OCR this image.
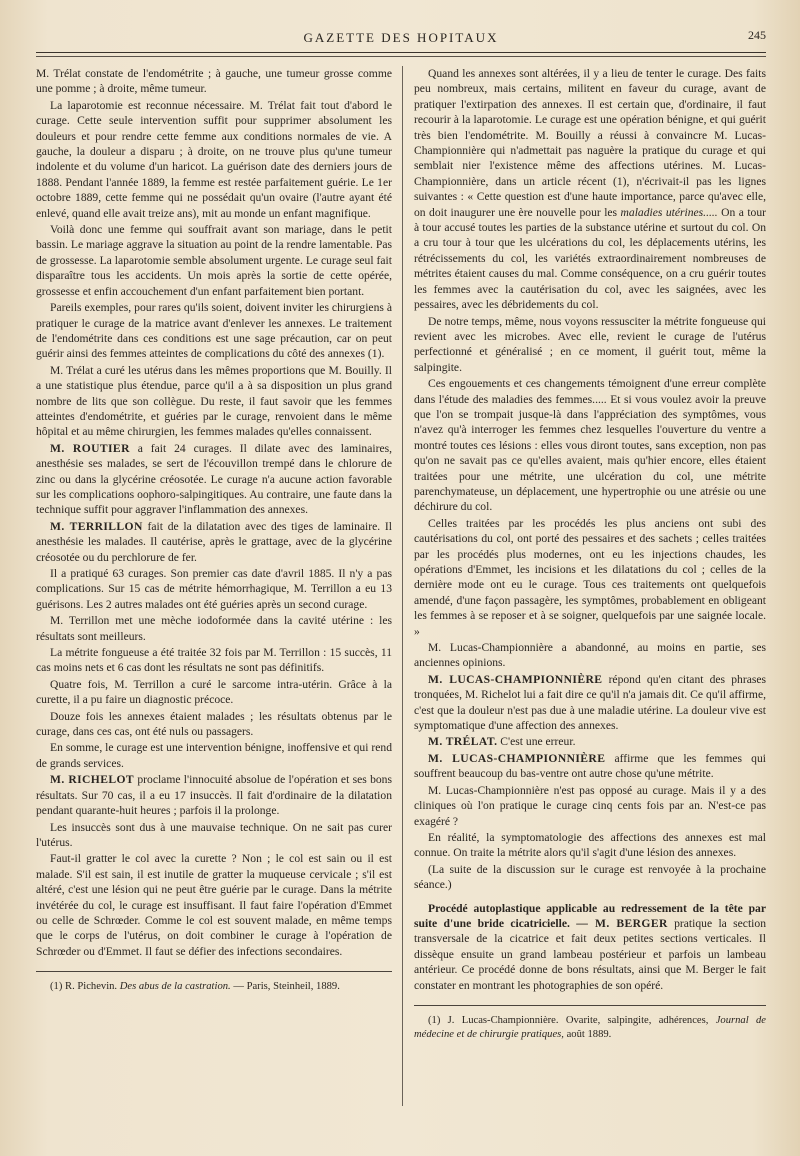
GAZETTE DES HOPITAUX	245

M. Trélat constate de l'endométrite ; à gauche, une tumeur grosse comme une pomme ; à droite, même tumeur.

La laparotomie est reconnue nécessaire. M. Trélat fait tout d'abord le curage. Cette seule intervention suffit pour supprimer absolument les douleurs et pour rendre cette femme aux conditions normales de vie. A gauche, la douleur a disparu ; à droite, on ne trouve plus qu'une tumeur indolente et du volume d'un haricot. La guérison date des derniers jours de 1888. Pendant l'année 1889, la femme est restée parfaitement guérie. Le 1er octobre 1889, cette femme qui ne possédait qu'un ovaire (l'autre ayant été enlevé, quand elle avait treize ans), mit au monde un enfant magnifique.

Voilà donc une femme qui souffrait avant son mariage, dans le petit bassin. Le mariage aggrave la situation au point de la rendre lamentable. Pas de grossesse. La laparotomie semble absolument urgente. Le curage seul fait disparaître tous les accidents. Un mois après la sortie de cette opérée, grossesse et enfin accouchement d'un enfant parfaitement bien portant.

Pareils exemples, pour rares qu'ils soient, doivent inviter les chirurgiens à pratiquer le curage de la matrice avant d'enlever les annexes. Le traitement de l'endométrite dans ces conditions est une sage précaution, car on peut guérir ainsi des femmes atteintes de complications du côté des annexes (1).

M. Trélat a curé les utérus dans les mêmes proportions que M. Bouilly. Il a une statistique plus étendue, parce qu'il a à sa disposition un plus grand nombre de lits que son collègue. Du reste, il faut savoir que les femmes atteintes d'endométrite, et guéries par le curage, renvoient dans le même hôpital et au même chirurgien, les femmes malades qu'elles connaissent.

M. ROUTIER a fait 24 curages. Il dilate avec des laminaires, anesthésie ses malades, se sert de l'écouvillon trempé dans le chlorure de zinc ou dans la glycérine créosotée. Le curage n'a aucune action favorable sur les complications oophoro-salpingitiques. Au contraire, une faute dans la technique suffit pour aggraver l'inflammation des annexes.

M. TERRILLON fait de la dilatation avec des tiges de laminaire. Il anesthésie les malades. Il cautérise, après le grattage, avec de la glycérine créosotée ou du perchlorure de fer.

Il a pratiqué 63 curages. Son premier cas date d'avril 1885. Il n'y a pas complications. Sur 15 cas de métrite hémorrhagique, M. Terrillon a eu 13 guérisons. Les 2 autres malades ont été guéries après un second curage.

M. Terrillon met une mèche iodoformée dans la cavité utérine : les résultats sont meilleurs.

La métrite fongueuse a été traitée 32 fois par M. Terrillon : 15 succès, 11 cas moins nets et 6 cas dont les résultats ne sont pas définitifs.

Quatre fois, M. Terrillon a curé le sarcome intra-utérin. Grâce à la curette, il a pu faire un diagnostic précoce.

Douze fois les annexes étaient malades ; les résultats obtenus par le curage, dans ces cas, ont été nuls ou passagers.

En somme, le curage est une intervention bénigne, inoffensive et qui rend de grands services.

M. RICHELOT proclame l'innocuité absolue de l'opération et ses bons résultats. Sur 70 cas, il a eu 17 insuccès. Il fait d'ordinaire de la dilatation pendant quarante-huit heures ; parfois il la prolonge.

Les insuccès sont dus à une mauvaise technique. On ne sait pas curer l'utérus.

Faut-il gratter le col avec la curette ? Non ; le col est sain ou il est malade. S'il est sain, il est inutile de gratter la muqueuse cervicale ; s'il est altéré, c'est une lésion qui ne peut être guérie par le curage. Dans la métrite invétérée du col, le curage est insuffisant. Il faut faire l'opération d'Emmet ou celle de Schrœder. Comme le col est souvent malade, en même temps que le corps de l'utérus, on doit combiner le curage à l'opération de Schrœder ou d'Emmet. Il faut se défier des infections secondaires.

(1) R. Pichevin. Des abus de la castration. — Paris, Steinheil, 1889.

Quand les annexes sont altérées, il y a lieu de tenter le curage. Des faits peu nombreux, mais certains, militent en faveur du curage, avant de pratiquer l'extirpation des annexes. Il est certain que, d'ordinaire, il faut recourir à la laparotomie. Le curage est une opération bénigne, et qui guérit très bien l'endométrite. M. Bouilly a réussi à convaincre M. Lucas-Championnière qui n'admettait pas naguère la pratique du curage et qui semblait nier l'existence même des affections utérines. M. Lucas-Championnière, dans un article récent (1), n'écrivait-il pas les lignes suivantes : « Cette question est d'une haute importance, parce qu'avec elle, on doit inaugurer une ère nouvelle pour les maladies utérines..... On a tour à tour accusé toutes les parties de la substance utérine et surtout du col. On a cru tour à tour que les ulcérations du col, les déplacements utérins, les rétrécissements du col, les variétés extraordinairement nombreuses de métrites étaient causes du mal. Comme conséquence, on a cru guérir toutes les femmes avec la cautérisation du col, avec les saignées, avec les pessaires, avec les débridements du col.

De notre temps, même, nous voyons ressusciter la métrite fongueuse qui revient avec les microbes. Avec elle, revient le curage de l'utérus perfectionné et généralisé ; en ce moment, il guérit tout, même la salpingite.

Ces engouements et ces changements témoignent d'une erreur complète dans l'étude des maladies des femmes..... Et si vous voulez avoir la preuve que l'on se trompait jusque-là dans l'appréciation des symptômes, vous n'avez qu'à interroger les femmes chez lesquelles l'ouverture du ventre a montré toutes ces lésions : elles vous diront toutes, sans exception, non pas qu'on ne savait pas ce qu'elles avaient, mais qu'hier encore, elles étaient traitées pour une métrite, une ulcération du col, une métrite parenchymateuse, un déplacement, une hypertrophie ou une atrésie ou une déchirure du col.

Celles traitées par les procédés les plus anciens ont subi des cautérisations du col, ont porté des pessaires et des sachets ; celles traitées par les procédés plus modernes, ont eu les injections chaudes, les opérations d'Emmet, les incisions et les dilatations du col ; celles de la dernière mode ont eu le curage. Tous ces traitements ont quelquefois amendé, d'une façon passagère, les symptômes, probablement en obligeant les femmes à se reposer et à se soigner, quelquefois par une saignée locale. »

M. Lucas-Championnière a abandonné, au moins en partie, ses anciennes opinions.

M. LUCAS-CHAMPIONNIÈRE répond qu'en citant des phrases tronquées, M. Richelot lui a fait dire ce qu'il n'a jamais dit. Ce qu'il affirme, c'est que la douleur n'est pas due à une maladie utérine. La douleur vive est symptomatique d'une affection des annexes.

M. TRÉLAT. C'est une erreur.

M. LUCAS-CHAMPIONNIÈRE affirme que les femmes qui souffrent beaucoup du bas-ventre ont autre chose qu'une métrite.

M. Lucas-Championnière n'est pas opposé au curage. Mais il y a des cliniques où l'on pratique le curage cinq cents fois par an. N'est-ce pas exagéré ?

En réalité, la symptomatologie des affections des annexes est mal connue. On traite la métrite alors qu'il s'agit d'une lésion des annexes.

(La suite de la discussion sur le curage est renvoyée à la prochaine séance.)

Procédé autoplastique applicable au redressement de la tête par suite d'une bride cicatricielle. — M. BERGER pratique la section transversale de la cicatrice et fait deux petites sections verticales. Il dissèque ensuite un grand lambeau postérieur et parfois un lambeau antérieur. Ce procédé donne de bons résultats, ainsi que M. Berger le fait constater en montrant les photographies de son opéré.

(1) J. Lucas-Championnière. Ovarite, salpingite, adhérences, Journal de médecine et de chirurgie pratiques, août 1889.
